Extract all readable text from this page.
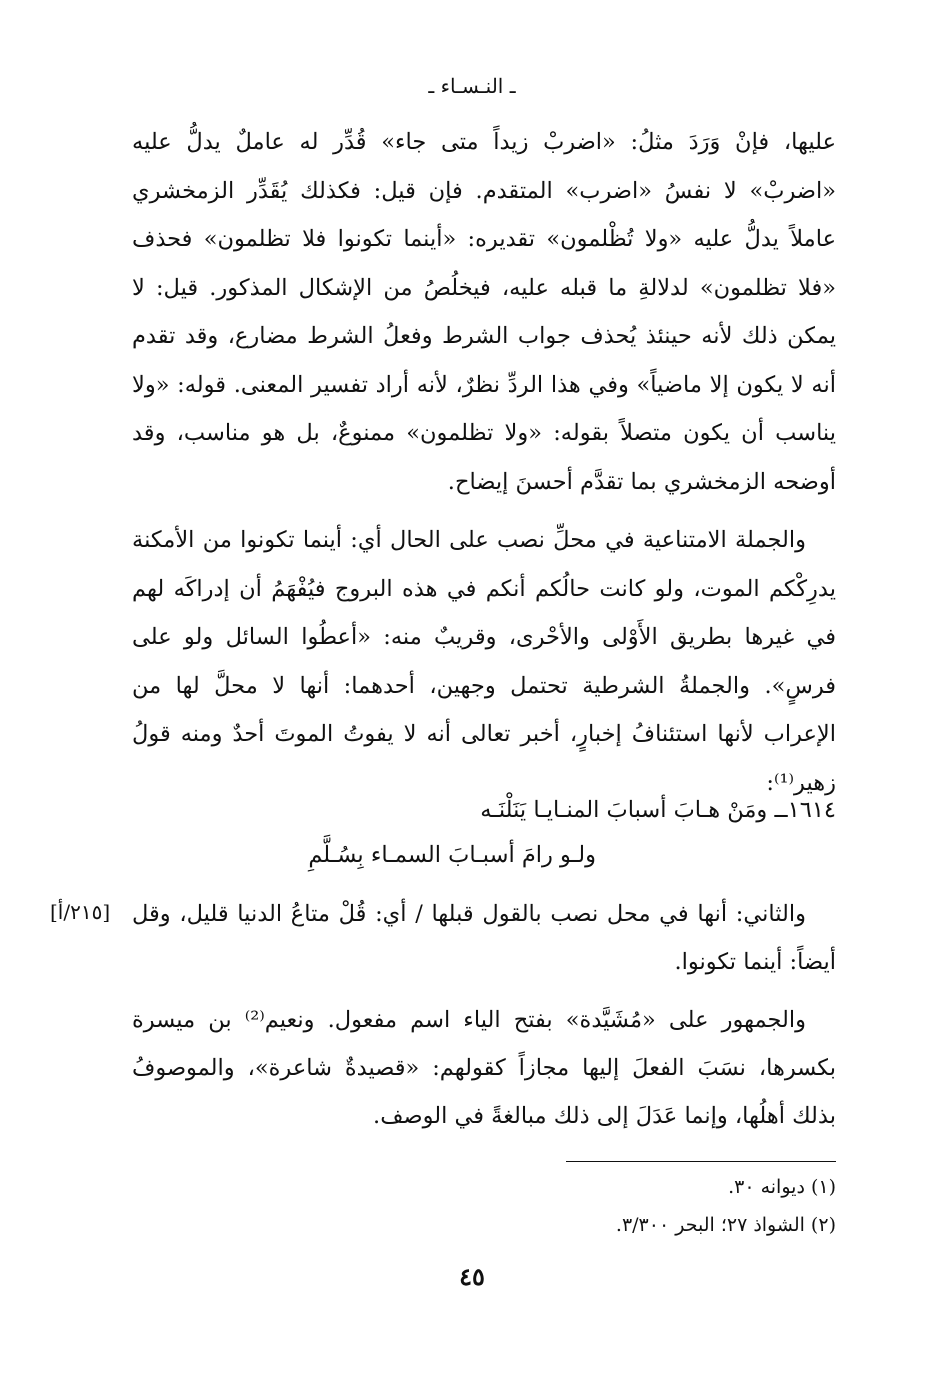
ـ النـسـاء ـ

عليها، فإنْ وَرَدَ مثلُ: «اضربْ زيداً متى جاء» قُدِّر له عاملٌ يدلُّ عليه «اضربْ» لا نفسُ «اضرب» المتقدم. فإن قيل: فكذلك يُقَدِّر الزمخشري عاملاً يدلُّ عليه «ولا تُظْلمون» تقديره: «أينما تكونوا فلا تظلمون» فحذف «فلا تظلمون» لدلالةِ ما قبله عليه، فيخلُصُ من الإشكال المذكور. قيل: لا يمكن ذلك لأنه حينئذ يُحذف جواب الشرط وفعلُ الشرط مضارع، وقد تقدم أنه لا يكون إلا ماضياً» وفي هذا الردِّ نظرٌ، لأنه أراد تفسير المعنى. قوله: «ولا يناسب أن يكون متصلاً بقوله: «ولا تظلمون» ممنوعٌ، بل هو مناسب، وقد أوضحه الزمخشري بما تقدَّم أحسنَ إيضاح.

والجملة الامتناعية في محلِّ نصب على الحال أي: أينما تكونوا من الأمكنة يدرِكْكم الموت، ولو كانت حالُكم أنكم في هذه البروج فيُفْهَمُ أن إدراكَه لهم في غيرها بطريق الأَوْلى والأحْرى، وقريبٌ منه: «أعطُوا السائل ولو على فرسٍ». والجملةُ الشرطية تحتمل وجهين، أحدهما: أنها لا محلَّ لها من الإعراب لأنها استئنافُ إخبارٍ، أخبر تعالى أنه لا يفوتُ الموتَ أحدٌ ومنه قولُ زهير⁽¹⁾:

١٦١٤ــ ومَنْ هـابَ أسبابَ المنـايـا يَنَلْنَـه
ولـو رامَ أسبـابَ السمـاء بِسُـلَّمِ
[٢١٥/أ] والثاني: أنها في محل نصب بالقول قبلها / أي: قُلْ متاعُ الدنيا قليل، وقل أيضاً: أينما تكونوا.

والجمهور على «مُشَيَّدة» بفتح الياء اسم مفعول. ونعيم⁽²⁾ بن ميسرة بكسرها، نسَبَ الفعلَ إليها مجازاً كقولهم: «قصيدةٌ شاعرة»، والموصوفُ بذلك أهلُها، وإنما عَدَلَ إلى ذلك مبالغةً في الوصف.

(١) ديوانه ٣٠.
(٢) الشواذ ٢٧؛ البحر ٣/٣٠٠.
٤٥
